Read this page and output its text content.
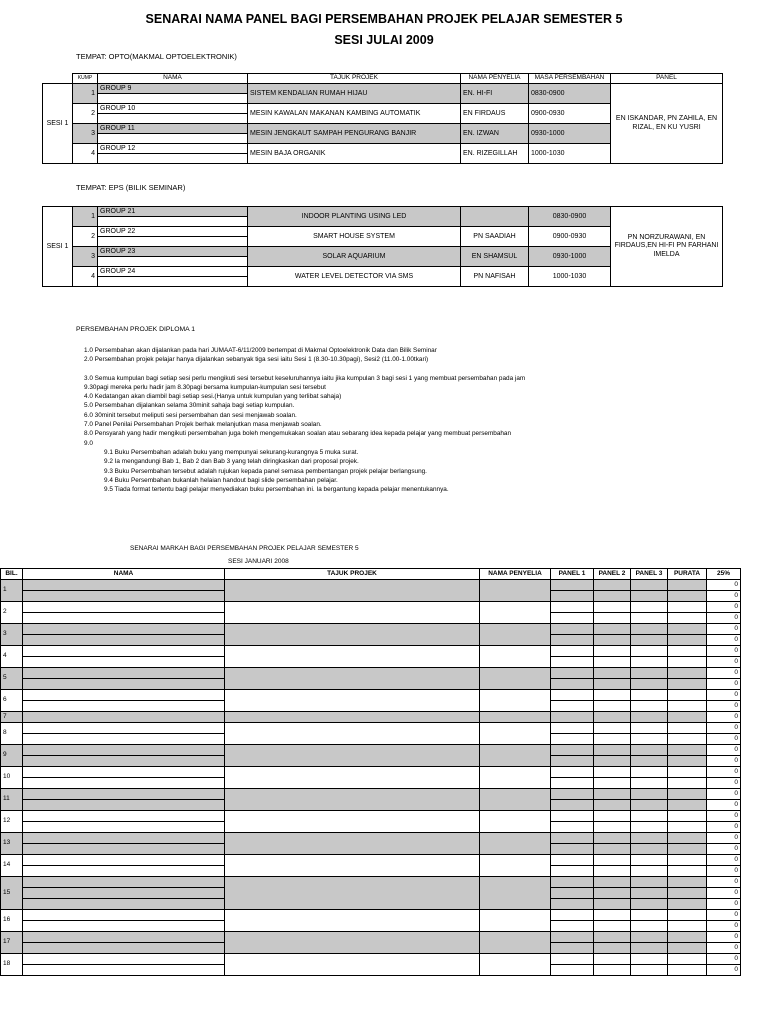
SENARAI NAMA PANEL BAGI PERSEMBAHAN PROJEK PELAJAR SEMESTER 5
SESI JULAI 2009
TEMPAT: OPTO(MAKMAL OPTOELEKTRONIK)
	KUMP	NAMA	TAJUK PROJEK	NAMA PENYELIA	MASA PERSEMBAHAN	PANEL
SESI 1	1	GROUP 9	SISTEM KENDALIAN RUMAH HIJAU	EN. HI-FI	0830-0900	EN ISKANDAR, PN ZAHILA, EN RIZAL, EN KU YUSRI

	2	GROUP 10	MESIN KAWALAN MAKANAN KAMBING AUTOMATIK	EN FIRDAUS	0900-0930	

	3	GROUP 11	MESIN JENGKAUT SAMPAH PENGURANG BANJIR	EN. IZWAN	0930-1000	

	4	GROUP 12	MESIN BAJA ORGANIK	EN. RIZEGILLAH	1000-1030	

TEMPAT: EPS (BILIK SEMINAR)
SESI 1	1	GROUP 21	INDOOR PLANTING USING LED		0830-0900	PN NORZURAWANI, EN FIRDAUS,EN HI-FI PN FARHANI IMELDA

	2	GROUP 22	SMART HOUSE SYSTEM	PN SAADIAH	0900-0930	

	3	GROUP 23	SOLAR AQUARIUM	EN SHAMSUL	0930-1000	

	4	GROUP 24	WATER LEVEL DETECTOR VIA SMS	PN NAFISAH	1000-1030	

PERSEMBAHAN PROJEK DIPLOMA 1
1.0 Persembahan akan dijalankan pada hari JUMAAT-6/11/2009 bertempat di Makmal Optoelektronik Data dan Bilik Seminar
2.0 Persembahan projek pelajar hanya dijalankan sebanyak tiga sesi iaitu Sesi 1 (8.30-10.30pagi), Sesi2 (11.00-1.00tkari)
3.0 Semua kumpulan bagi setiap sesi perlu mengikuti sesi tersebut keseluruhannya iaitu jika kumpulan 3 bagi sesi 1 yang membuat persembahan pada jam
9.30pagi mereka perlu hadir jam 8.30pagi bersama kumpulan-kumpulan sesi tersebut
4.0 Kedatangan akan diambil bagi setiap sesi.(Hanya untuk kumpulan yang terlibat sahaja)
5.0 Persembahan dijalankan selama 30minit sahaja bagi setiap kumpulan.
6.0 30minit tersebut meliputi sesi persembahan dan sesi menjawab soalan.
7.0 Panel Penilai Persembahan Projek berhak melanjutkan masa menjawab soalan.
8.0 Pensyarah yang hadir mengikuti persembahan juga boleh mengemukakan soalan atau sebarang idea kepada pelajar yang membuat persembahan
9.0
9.1 Buku Persembahan adalah buku yang mempunyai sekurang-kurangnya 5 muka surat.
9.2 Ia mengandungi Bab 1, Bab 2 dan Bab 3 yang telah diringkaskan dari proposal projek.
9.3 Buku Persembahan tersebut adalah rujukan kepada panel semasa pembentangan projek pelajar berlangsung.
9.4 Buku Persembahan bukanlah helaian handout bagi slide persembahan pelajar.
9.5 Tiada format tertentu bagi pelajar menyediakan buku persembahan ini. Ia bergantung kepada pelajar menentukannya.
SENARAI MARKAH BAGI PERSEMBAHAN PROJEK PELAJAR SEMESTER 5
SESI JANUARI 2008
BIL.	NAMA	TAJUK PROJEK	NAMA PENYELIA	PANEL 1	PANEL 2	PANEL 3	PURATA	25%
1								0
								0
2								0
								0
3								0
								0
4								0
								0
5								0
								0
6								0
								0
7								0
8								0
								0
9								0
								0
10								0
								0
11								0
								0
12								0
								0
13								0
								0
14								0
								0
15								0
								0
								0
16								0
								0
17								0
								0
18								0
								0
